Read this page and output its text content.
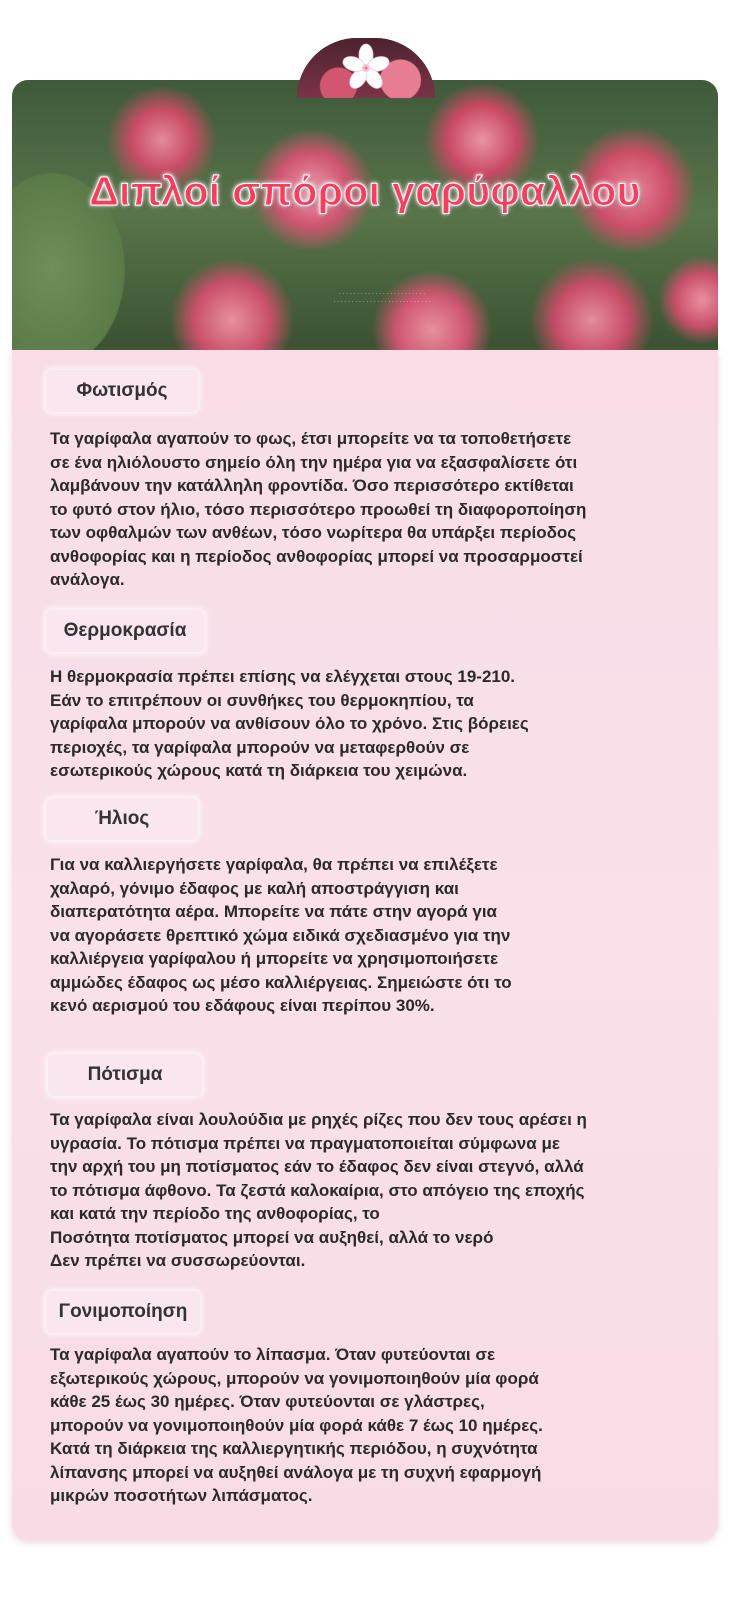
Διπλοί σπόροι γαρύφαλλου
· · · · · · · · · · · · · · · · · · · · · · · ·
· · · · · · · · · · · · · · · · · · · · · · · · · · ·
Φωτισμός
Τα γαρίφαλα αγαπούν το φως, έτσι μπορείτε να τα τοποθετήσετε
σε ένα ηλιόλουστο σημείο όλη την ημέρα για να εξασφαλίσετε ότι
λαμβάνουν την κατάλληλη φροντίδα. Όσο περισσότερο εκτίθεται
το φυτό στον ήλιο, τόσο περισσότερο προωθεί τη διαφοροποίηση
των οφθαλμών των ανθέων, τόσο νωρίτερα θα υπάρξει περίοδος
ανθοφορίας και η περίοδος ανθοφορίας μπορεί να προσαρμοστεί
ανάλογα.
Θερμοκρασία
Η θερμοκρασία πρέπει επίσης να ελέγχεται στους 19-210.
Εάν το επιτρέπουν οι συνθήκες του θερμοκηπίου, τα
γαρίφαλα μπορούν να ανθίσουν όλο το χρόνο. Στις βόρειες
περιοχές, τα γαρίφαλα μπορούν να μεταφερθούν σε
εσωτερικούς χώρους κατά τη διάρκεια του χειμώνα.
Ήλιος
Για να καλλιεργήσετε γαρίφαλα, θα πρέπει να επιλέξετε
χαλαρό, γόνιμο έδαφος με καλή αποστράγγιση και
διαπερατότητα αέρα. Μπορείτε να πάτε στην αγορά για
να αγοράσετε θρεπτικό χώμα ειδικά σχεδιασμένο για την
καλλιέργεια γαρίφαλου ή μπορείτε να χρησιμοποιήσετε
αμμώδες έδαφος ως μέσο καλλιέργειας. Σημειώστε ότι το
κενό αερισμού του εδάφους είναι περίπου 30%.
Πότισμα
Τα γαρίφαλα είναι λουλούδια με ρηχές ρίζες που δεν τους αρέσει η
υγρασία. Το πότισμα πρέπει να πραγματοποιείται σύμφωνα με
την αρχή του μη ποτίσματος εάν το έδαφος δεν είναι στεγνό, αλλά
το πότισμα άφθονο. Τα ζεστά καλοκαίρια, στο απόγειο της εποχής
και κατά την περίοδο της ανθοφορίας, το
Ποσότητα ποτίσματος μπορεί να αυξηθεί, αλλά το νερό
Δεν πρέπει να συσσωρεύονται.
Γονιμοποίηση
Τα γαρίφαλα αγαπούν το λίπασμα. Όταν φυτεύονται σε
εξωτερικούς χώρους, μπορούν να γονιμοποιηθούν μία φορά
κάθε 25 έως 30 ημέρες. Όταν φυτεύονται σε γλάστρες,
μπορούν να γονιμοποιηθούν μία φορά κάθε 7 έως 10 ημέρες.
Κατά τη διάρκεια της καλλιεργητικής περιόδου, η συχνότητα
λίπανσης μπορεί να αυξηθεί ανάλογα με τη συχνή εφαρμογή
μικρών ποσοτήτων λιπάσματος.
